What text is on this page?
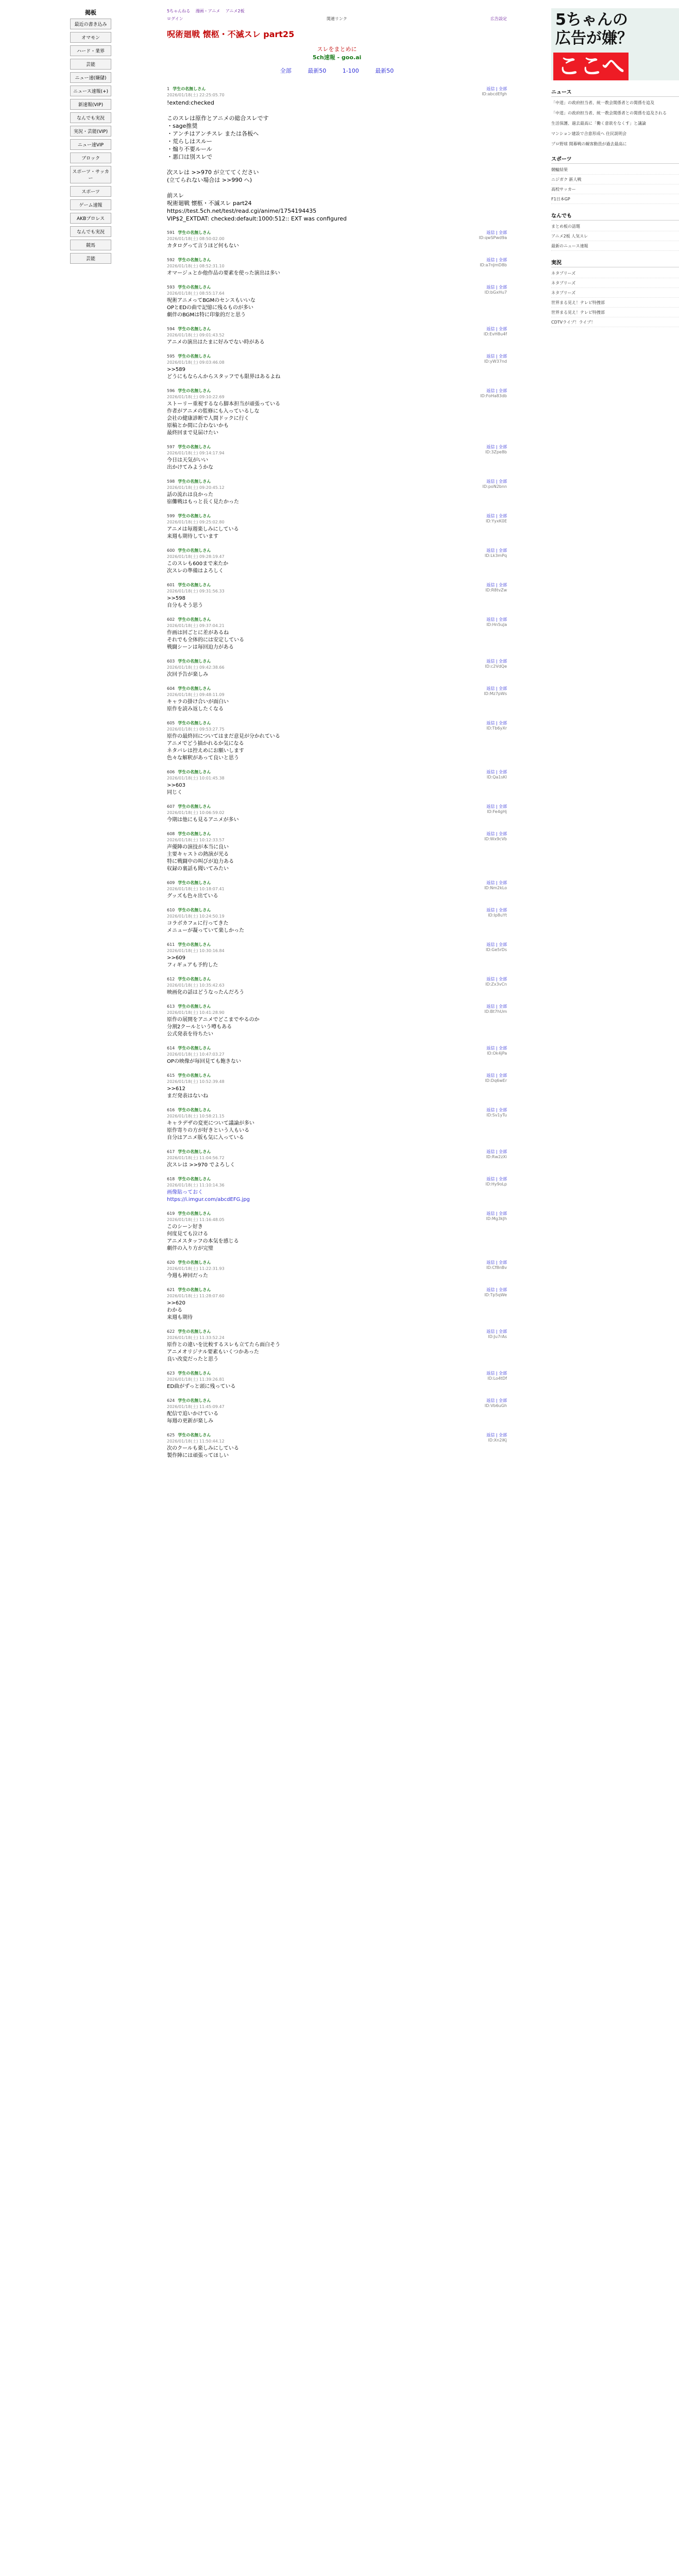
掲板
最近の書き込み
オマモン
ハード・業界
芸能
ニュー速(嫌儲)
ニュース速報(+)
新速報(VIP)
なんでも実況
実況・芸能(VIP)
ニュー速VIP
ブロック
スポーツ・サッカー
スポーツ
ゲーム速報
AKBプロレス
なんでも実況
競馬
芸能
5ちゃんねる 漫画・アニメ アニメ2板
ログイン	関連リンク	広告設定
呪術廻戦 懐柩・不滅スレ part25
スレをまとめに
5ch速報 - goo.ai
全部	最新50	1-100	最新50
1 学生の名無しさん
2026/01/18(土) 22:25:05.70
返信 | 全部
ID:abcdEfgh
!extend:checked

このスレは原作とアニメの総合スレです
・sage推奨
・アンチはアンチスレ または各板へ
・荒らしはスルー
・煽り不要ルール
・悪口は別スレで

次スレは >>970 が立ててください
(立てられない場合は >>990 へ)

前スレ
呪術廻戦 懐柩・不滅スレ part24
https://test.5ch.net/test/read.cgi/anime/1754194435
VIP$2_EXTDAT: checked:default:1000:512:: EXT was configured
591 学生の名無しさん
2026/01/18(土) 08:50:02.00
返信 | 全部
ID:qwSPwd9a
カタログって言うほど何もない
592 学生の名無しさん
2026/01/18(土) 08:52:31.10
返信 | 全部
ID:a7nJmD8b
オマージュとか他作品の要素を使った演出は多い
593 学生の名無しさん
2026/01/18(土) 08:55:17.64
返信 | 全部
ID:bGxHu7
呪術アニメってBGMのセンスもいいな
OPとEDの曲で記憶に残るものが多い
劇伴のBGMは特に印象的だと思う
594 学生の名無しさん
2026/01/18(土) 09:01:43.52
返信 | 全部
ID:EvH8u4f
アニメの演出はたまに好みでない時がある
595 学生の名無しさん
2026/01/18(土) 09:03:46.08
返信 | 全部
ID:yW37nd
>>589
どうにもならんからスタッフでも限界はあるよね
596 学生の名無しさん
2026/01/18(土) 09:10:22.69
返信 | 全部
ID:FoHa83db
ストーリー重視するなら脚本担当が頑張っている
作者がアニメの監修にも入っているしな
会社の健康診断で人間ドックに行く
原稿とか間に合わないかも
最終回まで見届けたい
597 学生の名無しさん
2026/01/18(土) 09:14:17.94
返信 | 全部
ID:3Zpe8b
今日は天気がいい
出かけてみようかな
598 学生の名無しさん
2026/01/18(土) 09:20:45.12
返信 | 全部
ID:poN2bnn
話の流れは良かった
宿儺戦はもっと長く見たかった
599 学生の名無しさん
2026/01/18(土) 09:25:02.80
返信 | 全部
ID:YyxK0E
アニメは毎週楽しみにしている
来週も期待しています
600 学生の名無しさん
2026/01/18(土) 09:28:19.47
返信 | 全部
ID:Lk3mPq
このスレも600まで来たか
次スレの準備はよろしく
601 学生の名無しさん
2026/01/18(土) 09:31:56.33
返信 | 全部
ID:R8tvZw
>>598
自分もそう思う
602 学生の名無しさん
2026/01/18(土) 09:37:04.21
返信 | 全部
ID:Hn5uJa
作画は回ごとに差があるね
それでも全体的には安定している
戦闘シーンは毎回迫力がある
603 学生の名無しさん
2026/01/18(土) 09:42:38.66
返信 | 全部
ID:c2VdQe
次回予告が楽しみ
604 学生の名無しさん
2026/01/18(土) 09:48:11.09
返信 | 全部
ID:Mz7pWs
キャラの掛け合いが面白い
原作を読み返したくなる
605 学生の名無しさん
2026/01/18(土) 09:53:27.75
返信 | 全部
ID:Tb6yXr
原作の最終回についてはまだ意見が分かれている
アニメでどう描かれるか気になる
ネタバレは控えめにお願いします
色々な解釈があって良いと思う
606 学生の名無しさん
2026/01/18(土) 10:01:45.38
返信 | 全部
ID:Qa1sKl
>>603
同じく
607 学生の名無しさん
2026/01/18(土) 10:06:59.02
返信 | 全部
ID:Fe4gHj
今期は他にも見るアニメが多い
608 学生の名無しさん
2026/01/18(土) 10:12:33.57
返信 | 全部
ID:Wx9cVb
声優陣の演技が本当に良い
主要キャストの熱演が光る
特に戦闘中の叫びが迫力ある
収録の裏話も聞いてみたい
609 学生の名無しさん
2026/01/18(土) 10:18:07.41
返信 | 全部
ID:Nm2kLo
グッズも色々出ている
610 学生の名無しさん
2026/01/18(土) 10:24:50.19
返信 | 全部
ID:Ip8uYt
コラボカフェに行ってきた
メニューが凝っていて楽しかった
611 学生の名無しさん
2026/01/18(土) 10:30:16.84
返信 | 全部
ID:Ge5rDs
>>609
フィギュアも予約した
612 学生の名無しさん
2026/01/18(土) 10:35:42.63
返信 | 全部
ID:Zx3vCn
映画化の話はどうなったんだろう
613 学生の名無しさん
2026/01/18(土) 10:41:28.90
返信 | 全部
ID:Bt7hUm
原作の展開をアニメでどこまでやるのか
分割2クールという噂もある
公式発表を待ちたい
614 学生の名無しさん
2026/01/18(土) 10:47:03.27
返信 | 全部
ID:Ok4jPa
OPの映像が毎回見ても飽きない
615 学生の名無しさん
2026/01/18(土) 10:52:39.48
返信 | 全部
ID:Dq6wEr
>>612
まだ発表はないね
616 学生の名無しさん
2026/01/18(土) 10:58:21.15
返信 | 全部
ID:Sv1yTu
キャラデザの変更について議論が多い
原作寄りの方が好きという人もいる
自分はアニメ版も気に入っている
617 学生の名無しさん
2026/01/18(土) 11:04:56.72
返信 | 全部
ID:Rw2zXi
次スレは >>970 でよろしく
618 学生の名無しさん
2026/01/18(土) 11:10:14.36
返信 | 全部
ID:Hy9oLp
画像貼っておく
https://i.imgur.com/abcdEFG.jpg
619 学生の名無しさん
2026/01/18(土) 11:16:48.05
返信 | 全部
ID:Mg3kJh
このシーン好き
何度見ても泣ける
アニメスタッフの本気を感じる
劇伴の入り方が完璧
620 学生の名無しさん
2026/01/18(土) 11:22:31.93
返信 | 全部
ID:Cf8nBv
今週も神回だった
621 学生の名無しさん
2026/01/18(土) 11:28:07.60
返信 | 全部
ID:Tp5qWe
>>620
わかる
来週も期待
622 学生の名無しさん
2026/01/18(土) 11:33:52.24
返信 | 全部
ID:Ju7rAs
原作との違いを比較するスレも立てたら面白そう
アニメオリジナル要素もいくつかあった
良い改変だったと思う
623 学生の名無しさん
2026/01/18(土) 11:39:26.81
返信 | 全部
ID:Lo4tDf
ED曲がずっと頭に残っている
624 学生の名無しさん
2026/01/18(土) 11:45:09.47
返信 | 全部
ID:Vb6uGh
配信で追いかけている
毎週の更新が楽しみ
625 学生の名無しさん
2026/01/18(土) 11:50:44.12
返信 | 全部
ID:Xn2iKj
次のクールも楽しみにしている
製作陣には頑張ってほしい
5ちゃんの
広告が嫌？
ここへ
ニュース
「中道」の政府担当者、統一教会関係者との関係を追及
「中道」の政府担当者、統一教会関係者との関係を追及される
生活保護、過去最高に「働く意欲をなくす」と議論
マンション建設で合意形成へ 住民説明会
プロ野球 開幕戦の観客動員が過去最高に
スポーツ
競輪結果
ニジガク 新人戦
高校サッカー
F1日本GP
なんでも
まとめ板の話題
アニメ2板 人気スレ
最新のニュース速報
実況
ネタプリーズ
ネタプリーズ
ネタプリーズ
世界まる見え！テレビ特捜部
世界まる見え！テレビ特捜部
CDTVライブ！ライブ！
